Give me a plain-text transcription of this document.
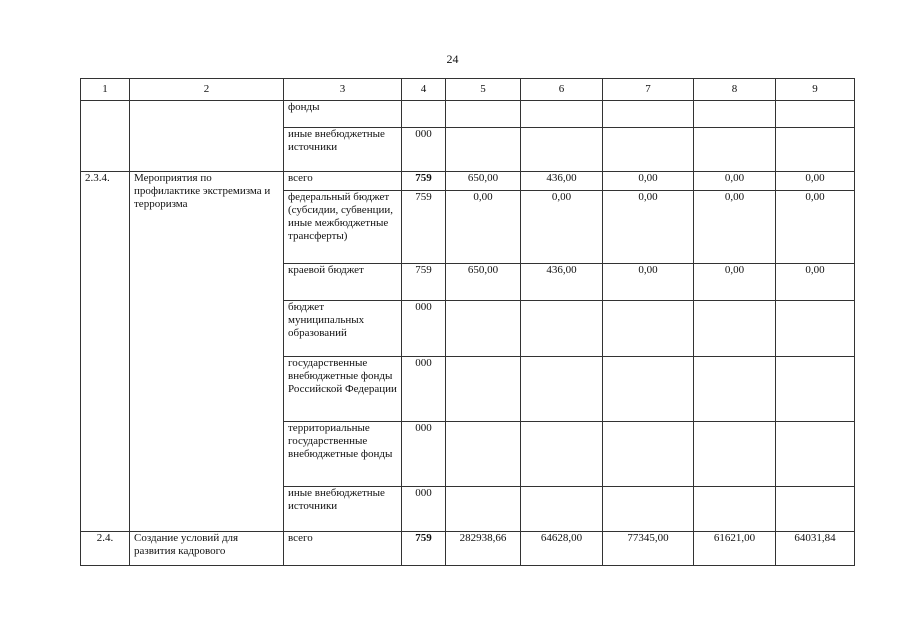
24
1	2	3	4	5	6	7	8	9
		фонды						
		иные внебюджетные источники	000					
2.3.4.	Мероприятия по профилактике экстремизма и терроризма	всего	759	650,00	436,00	0,00	0,00	0,00
		федеральный бюджет (субсидии, субвенции, иные межбюджетные трансферты)	759	0,00	0,00	0,00	0,00	0,00
		краевой бюджет	759	650,00	436,00	0,00	0,00	0,00
		бюджет муниципальных образований	000					
		государственные внебюджетные фонды Российской Федерации	000					
		территориальные государственные внебюджетные фонды	000					
		иные внебюджетные источники	000					
2.4.	Создание условий для развития кадрового	всего	759	282938,66	64628,00	77345,00	61621,00	64031,84
